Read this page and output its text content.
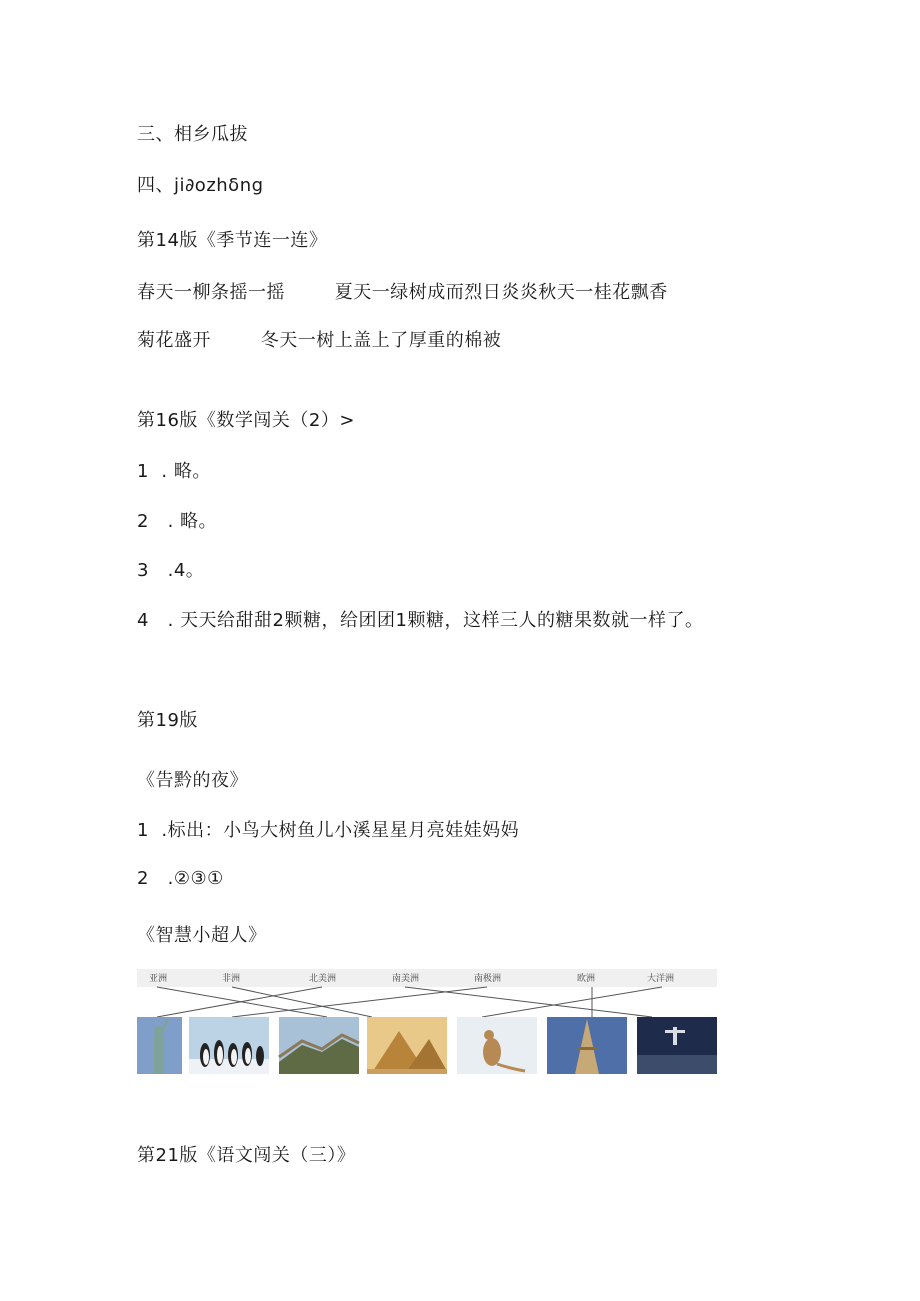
三、相乡瓜拔
四、ji∂ozhδng
第14版《季节连一连》
春天一柳条摇一摇        夏天一绿树成而烈日炎炎秋天一桂花飘香
菊花盛开        冬天一树上盖上了厚重的棉被
第16版《数学闯关（2）>
1  . 略。
2   . 略。
3   .4。
4   . 天天给甜甜2颗糖，给团团1颗糖，这样三人的糖果数就一样了。
第19版
《告黔的夜》
1  .标出：小鸟大树鱼儿小溪星星月亮娃娃妈妈
2   .②③①
《智慧小超人》
亚洲	非洲	北美洲	南美洲	南极洲	欧洲	大洋洲
第21版《语文闯关（三）》
